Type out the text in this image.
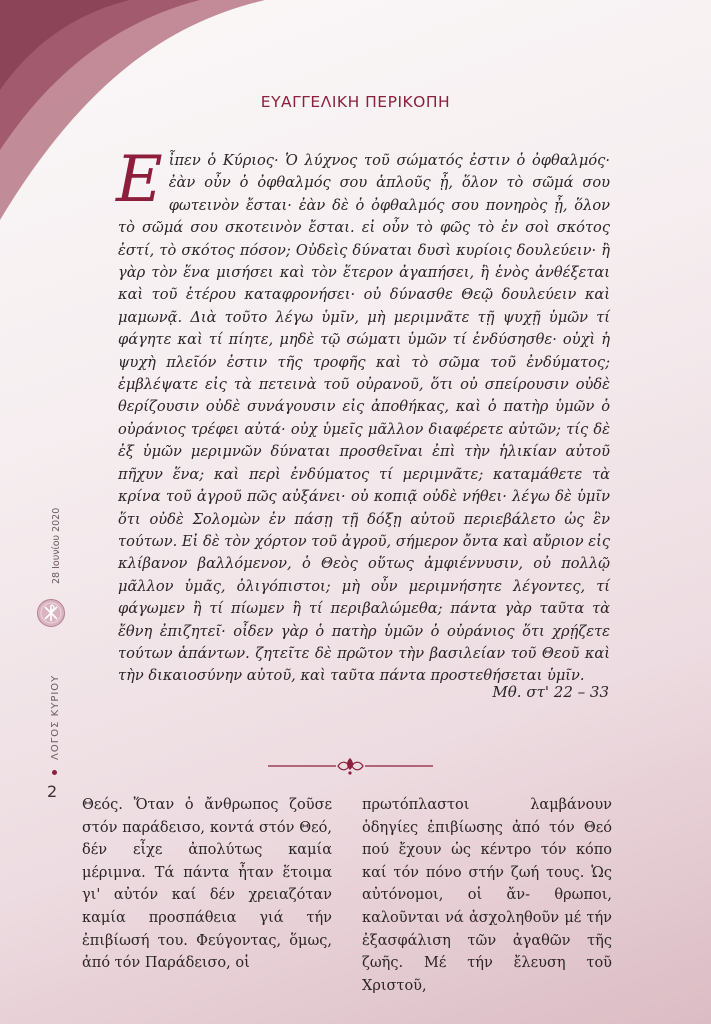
ΕΥΑΓΓΕΛΙΚΗ ΠΕΡΙΚΟΠΗ
Εἶπεν ὁ Κύριος· Ὁ λύχνος τοῦ σώματός ἐστιν ὁ ὀφθαλμός· ἐὰν οὖν ὁ ὀφθαλμός σου ἁπλοῦς ᾖ, ὅλον τὸ σῶμά σου φωτεινὸν ἔσται· ἐὰν δὲ ὁ ὀφθαλμός σου πονηρὸς ᾖ, ὅλον τὸ σῶμά σου σκοτεινὸν ἔσται. εἰ οὖν τὸ φῶς τὸ ἐν σοὶ σκότος ἐστί, τὸ σκότος πόσον; Οὐδεὶς δύναται δυσὶ κυρίοις δουλεύειν· ἢ γὰρ τὸν ἕνα μισήσει καὶ τὸν ἕτερον ἀγαπήσει, ἢ ἑνὸς ἀνθέξεται καὶ τοῦ ἑτέρου καταφρονήσει· οὐ δύνασθε Θεῷ δουλεύειν καὶ μαμωνᾷ. Διὰ τοῦτο λέγω ὑμῖν, μὴ μεριμνᾶτε τῇ ψυχῇ ὑμῶν τί φάγητε καὶ τί πίητε, μηδὲ τῷ σώματι ὑμῶν τί ἐνδύσησθε· οὐχὶ ἡ ψυχὴ πλεῖόν ἐστιν τῆς τροφῆς καὶ τὸ σῶμα τοῦ ἐνδύματος; ἐμβλέψατε εἰς τὰ πετεινὰ τοῦ οὐρανοῦ, ὅτι οὐ σπείρουσιν οὐδὲ θερίζουσιν οὐδὲ συνάγουσιν εἰς ἀποθήκας, καὶ ὁ πατὴρ ὑμῶν ὁ οὐράνιος τρέφει αὐτά· οὐχ ὑμεῖς μᾶλλον διαφέρετε αὐτῶν; τίς δὲ ἐξ ὑμῶν μεριμνῶν δύναται προσθεῖναι ἐπὶ τὴν ἡλικίαν αὐτοῦ πῆχυν ἕνα; καὶ περὶ ἐνδύματος τί μεριμνᾶτε; καταμάθετε τὰ κρίνα τοῦ ἀγροῦ πῶς αὐξάνει· οὐ κοπιᾷ οὐδὲ νήθει· λέγω δὲ ὑμῖν ὅτι οὐδὲ Σολομὼν ἐν πάσῃ τῇ δόξῃ αὐτοῦ περιεβάλετο ὡς ἓν τούτων. Εἰ δὲ τὸν χόρτον τοῦ ἀγροῦ, σήμερον ὄντα καὶ αὔριον εἰς κλίβανον βαλλόμενον, ὁ Θεὸς οὕτως ἀμφιέννυσιν, οὐ πολλῷ μᾶλλον ὑμᾶς, ὀλιγόπιστοι; μὴ οὖν μεριμνήσητε λέγοντες, τί φάγωμεν ἢ τί πίωμεν ἢ τί περιβαλώμεθα; πάντα γὰρ ταῦτα τὰ ἔθνη ἐπιζητεῖ· οἶδεν γὰρ ὁ πατὴρ ὑμῶν ὁ οὐράνιος ὅτι χρῄζετε τούτων ἁπάντων. ζητεῖτε δὲ πρῶτον τὴν βασιλείαν τοῦ Θεοῦ καὶ τὴν δικαιοσύνην αὐτοῦ, καὶ ταῦτα πάντα προστεθήσεται ὑμῖν.
Μθ. στ' 22 – 33
Θεός. Ὅταν ὁ ἄνθρωπος ζοῦσε στόν παράδεισο, κοντά στόν Θεό, δέν εἶχε ἀπολύτως καμία μέριμνα. Τά πάντα ἦταν ἕτοιμα γι' αὐτόν καί δέν χρειαζόταν καμία προσπάθεια γιά τήν ἐπιβίωσή του. Φεύγοντας, ὅμως, ἀπό τόν Παράδεισο, οἱ
πρωτόπλαστοι λαμβάνουν ὁδηγίες ἐπιβίωσης ἀπό τόν Θεό πού ἔχουν ὡς κέντρο τόν κόπο καί τόν πόνο στήν ζωή τους. Ὡς αὐτόνομοι, οἱ ἄν- θρωποι, καλοῦνται νά ἀσχοληθοῦν μέ τήν ἐξασφάλιση τῶν ἀγαθῶν τῆς ζωῆς. Μέ τήν ἔλευση τοῦ Χριστοῦ,
28 Ιουνίου 2020
ΛΟΓΟΣ ΚΥΡΙΟΥ
2
